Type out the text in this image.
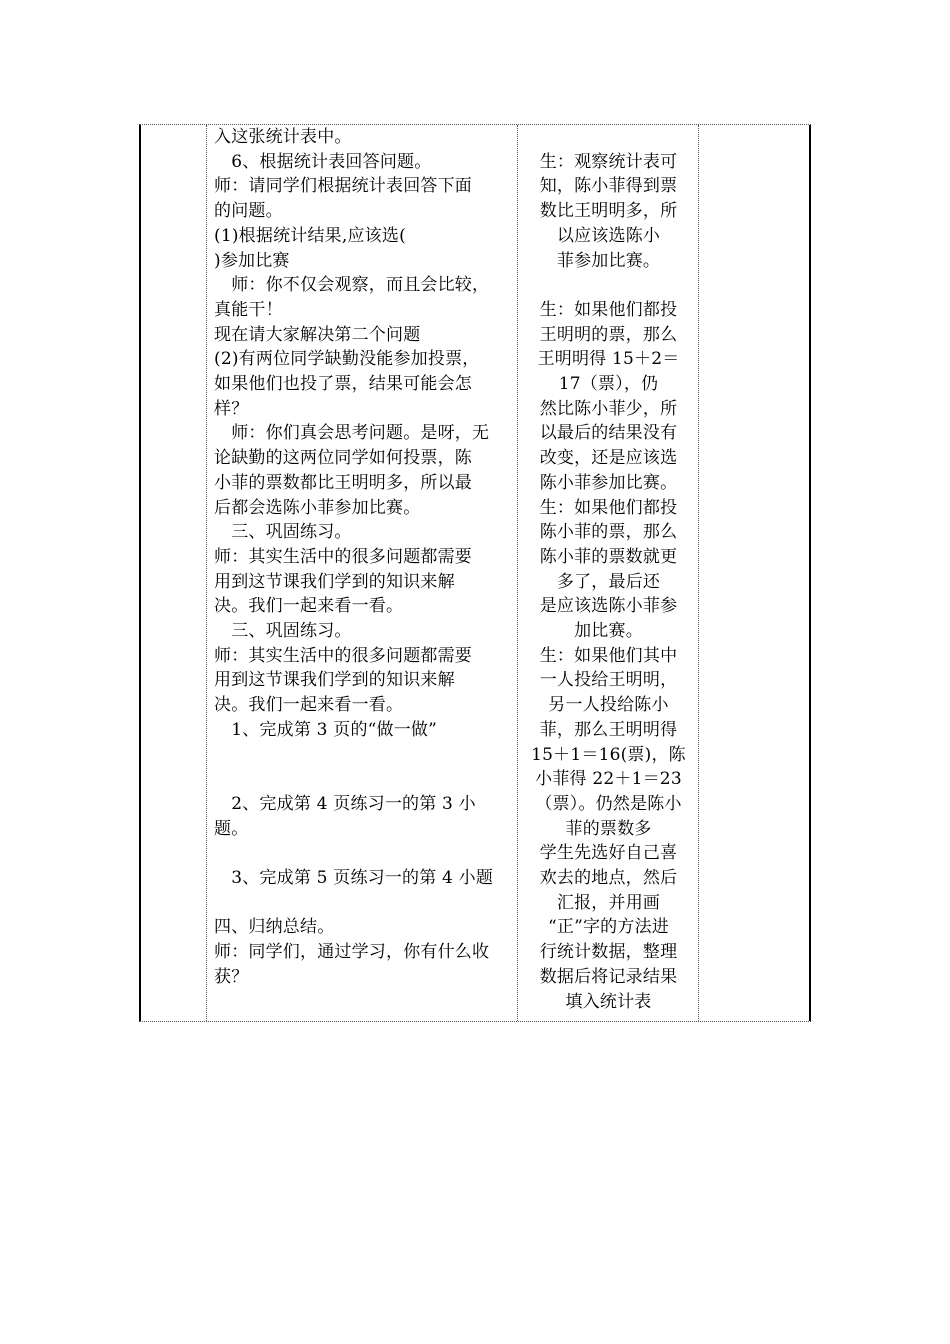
入这张统计表中。
　6、根据统计表回答问题。
师：请同学们根据统计表回答下面
的问题。
(1)根据统计结果,应该选(
)参加比赛
　师：你不仅会观察，而且会比较，
真能干！
现在请大家解决第二个问题
(2)有两位同学缺勤没能参加投票，
如果他们也投了票，结果可能会怎
样？
　师：你们真会思考问题。是呀，无
论缺勤的这两位同学如何投票，陈
小菲的票数都比王明明多，所以最
后都会选陈小菲参加比赛。
　三、巩固练习。
师：其实生活中的很多问题都需要
用到这节课我们学到的知识来解
决。我们一起来看一看。
　三、巩固练习。
师：其实生活中的很多问题都需要
用到这节课我们学到的知识来解
决。我们一起来看一看。
　1、完成第 3 页的“做一做”
　2、完成第 4 页练习一的第 3 小
题。
　3、完成第 5 页练习一的第 4 小题
四、归纳总结。
师：同学们，通过学习，你有什么收
获？
生：观察统计表可
知，陈小菲得到票
数比王明明多，所
以应该选陈小
菲参加比赛。
生：如果他们都投
王明明的票，那么
王明明得 15＋2＝
17（票），仍
然比陈小菲少，所
以最后的结果没有
改变，还是应该选
陈小菲参加比赛。
生：如果他们都投
陈小菲的票，那么
陈小菲的票数就更
多了，最后还
是应该选陈小菲参
加比赛。
生：如果他们其中
一人投给王明明，
另一人投给陈小
菲，那么王明明得
15＋1＝16(票)，陈
小菲得 22＋1＝23
（票）。仍然是陈小
菲的票数多
学生先选好自己喜
欢去的地点，然后
汇报，并用画
“正”字的方法进
行统计数据，整理
数据后将记录结果
填入统计表
